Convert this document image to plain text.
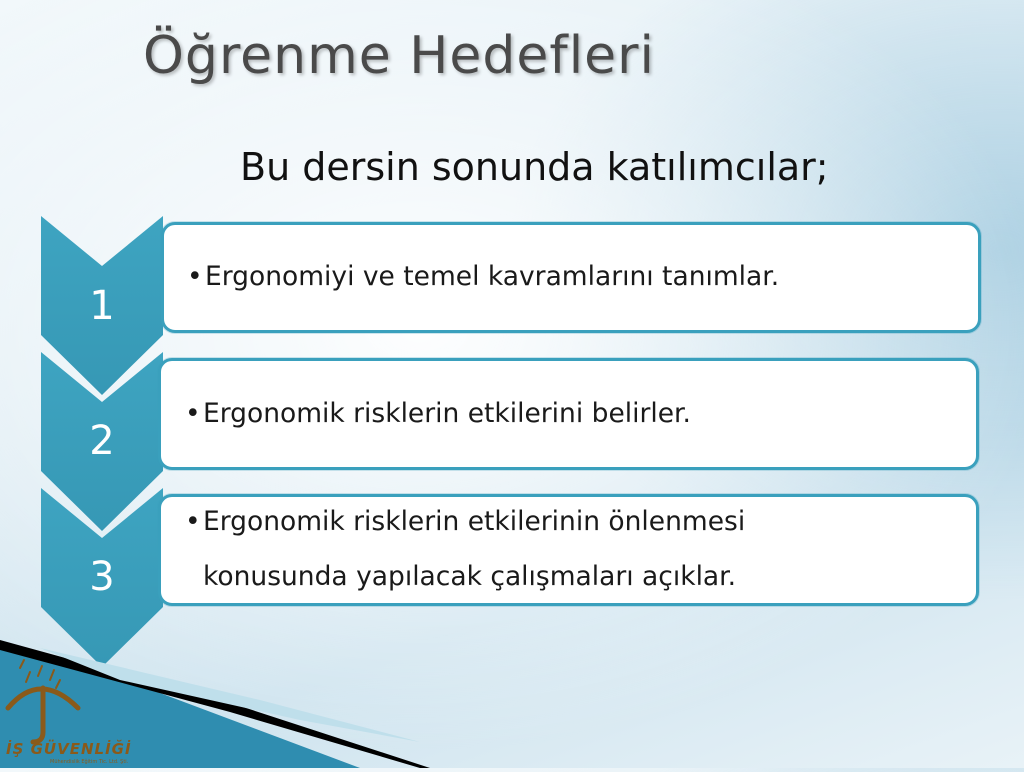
Öğrenme Hedefleri
Bu dersin sonunda katılımcılar;
1
•Ergonomiyi ve temel kavramlarını tanımlar.
2
•Ergonomik risklerin etkilerini belirler.
3
•Ergonomik risklerin etkilerinin önlenmesi
konusunda yapılacak çalışmaları açıklar.
İŞ GÜVENLİĞİ
Mühendislik Eğitim Tic. Ltd. Şti.
